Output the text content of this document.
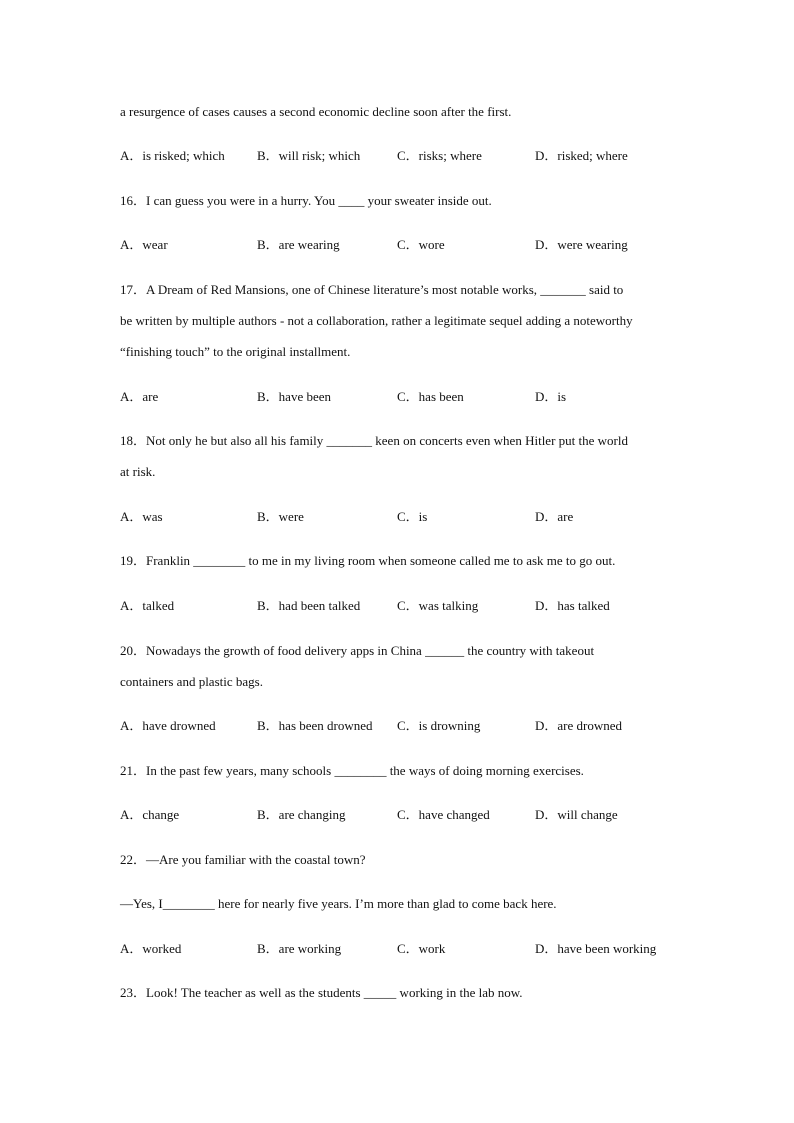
a resurgence of cases causes a second economic decline soon after the first.
A．is risked; which B．will risk; which	C．risks; where	D．risked; where
16．I can guess you were in a hurry. You ____ your sweater inside out.
A．wear	B．are wearing	C．wore	D．were wearing
17．A Dream of Red Mansions, one of Chinese literature’s most notable works, _______ said to
be written by multiple authors - not a collaboration, rather a legitimate sequel adding a noteworthy
“finishing touch” to the original installment.
A．are	B．have been	C．has been	D．is
18．Not only he but also all his family _______ keen on concerts even when Hitler put the world
at risk.
A．was	B．were	C．is	D．are
19．Franklin ________ to me in my living room when someone called me to ask me to go out.
A．talked	B．had been talked	C．was talking	D．has talked
20．Nowadays the growth of food delivery apps in China ______ the country with takeout
containers and plastic bags.
A．have drowned	B．has been drowned C．is drowning	D．are drowned
21．In the past few years, many schools ________ the ways of doing morning exercises.
A．change	B．are changing	C．have changed	D．will change
22．—Are you familiar with the coastal town?
—Yes, I________ here for nearly five years. I’m more than glad to come back here.
A．worked	B．are working	C．work	D．have been working
23．Look! The teacher as well as the students _____ working in the lab now.
